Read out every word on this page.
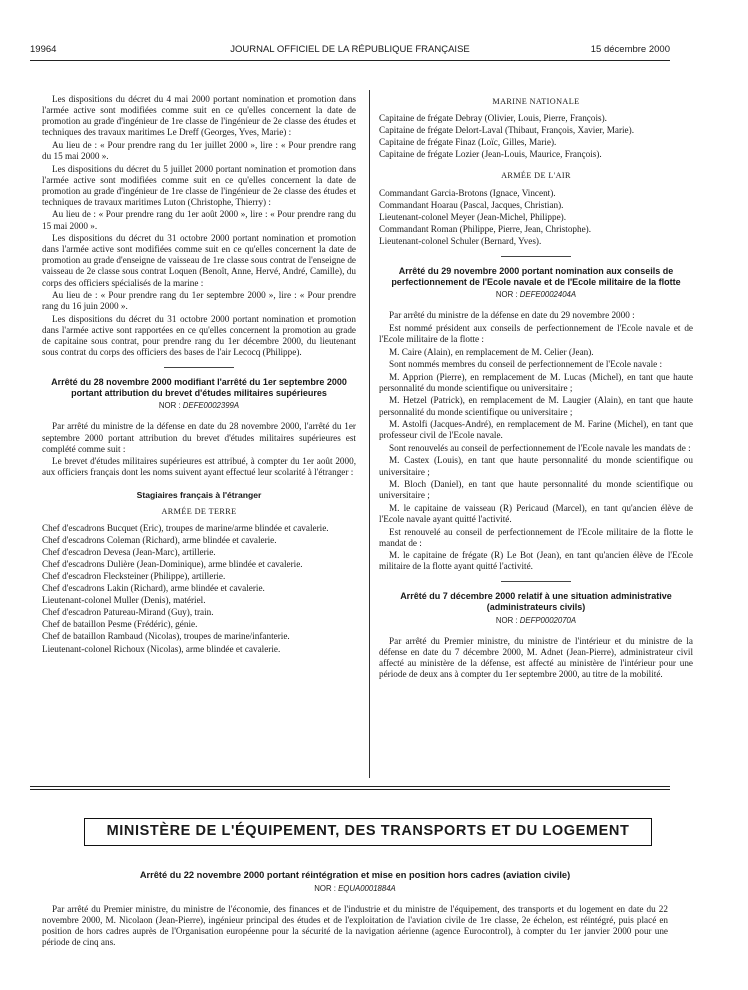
19964	JOURNAL OFFICIEL DE LA RÉPUBLIQUE FRANÇAISE	15 décembre 2000

Les dispositions du décret du 4 mai 2000 portant nomination et promotion dans l'armée active sont modifiées comme suit en ce qu'elles concernent la date de promotion au grade d'ingénieur de 1re classe de l'ingénieur de 2e classe des études et techniques des travaux maritimes Le Dreff (Georges, Yves, Marie) :

Au lieu de : « Pour prendre rang du 1er juillet 2000 », lire : « Pour prendre rang du 15 mai 2000 ».

Les dispositions du décret du 5 juillet 2000 portant nomination et promotion dans l'armée active sont modifiées comme suit en ce qu'elles concernent la date de promotion au grade d'ingénieur de 1re classe de l'ingénieur de 2e classe des études et techniques de travaux maritimes Luton (Christophe, Thierry) :

Au lieu de : « Pour prendre rang du 1er août 2000 », lire : « Pour prendre rang du 15 mai 2000 ».

Les dispositions du décret du 31 octobre 2000 portant nomination et promotion dans l'armée active sont modifiées comme suit en ce qu'elles concernent la date de promotion au grade d'enseigne de vaisseau de 1re classe sous contrat de l'enseigne de vaisseau de 2e classe sous contrat Loquen (Benoît, Anne, Hervé, André, Camille), du corps des officiers spécialisés de la marine :

Au lieu de : « Pour prendre rang du 1er septembre 2000 », lire : « Pour prendre rang du 16 juin 2000 ».

Les dispositions du décret du 31 octobre 2000 portant nomination et promotion dans l'armée active sont rapportées en ce qu'elles concernent la promotion au grade de capitaine sous contrat, pour prendre rang du 1er décembre 2000, du lieutenant sous contrat du corps des officiers des bases de l'air Lecocq (Philippe).

Arrêté du 28 novembre 2000 modifiant l'arrêté du 1er septembre 2000 portant attribution du brevet d'études militaires supérieures

NOR : DEFE0002399A

Par arrêté du ministre de la défense en date du 28 novembre 2000, l'arrêté du 1er septembre 2000 portant attribution du brevet d'études militaires supérieures est complété comme suit :

Le brevet d'études militaires supérieures est attribué, à compter du 1er août 2000, aux officiers français dont les noms suivent ayant effectué leur scolarité à l'étranger :

Stagiaires français à l'étranger

ARMÉE DE TERRE

Chef d'escadrons Bucquet (Eric), troupes de marine/arme blindée et cavalerie.

Chef d'escadrons Coleman (Richard), arme blindée et cavalerie.

Chef d'escadron Devesa (Jean-Marc), artillerie.

Chef d'escadrons Dulière (Jean-Dominique), arme blindée et cavalerie.

Chef d'escadron Flecksteiner (Philippe), artillerie.

Chef d'escadrons Lakin (Richard), arme blindée et cavalerie.

Lieutenant-colonel Muller (Denis), matériel.

Chef d'escadron Patureau-Mirand (Guy), train.

Chef de bataillon Pesme (Frédéric), génie.

Chef de bataillon Rambaud (Nicolas), troupes de marine/infanterie.

Lieutenant-colonel Richoux (Nicolas), arme blindée et cavalerie.

MARINE NATIONALE

Capitaine de frégate Debray (Olivier, Louis, Pierre, François).

Capitaine de frégate Delort-Laval (Thibaut, François, Xavier, Marie).

Capitaine de frégate Finaz (Loïc, Gilles, Marie).

Capitaine de frégate Lozier (Jean-Louis, Maurice, François).

ARMÉE DE L'AIR

Commandant Garcia-Brotons (Ignace, Vincent).

Commandant Hoarau (Pascal, Jacques, Christian).

Lieutenant-colonel Meyer (Jean-Michel, Philippe).

Commandant Roman (Philippe, Pierre, Jean, Christophe).

Lieutenant-colonel Schuler (Bernard, Yves).

Arrêté du 29 novembre 2000 portant nomination aux conseils de perfectionnement de l'Ecole navale et de l'Ecole militaire de la flotte

NOR : DEFE0002404A

Par arrêté du ministre de la défense en date du 29 novembre 2000 :

Est nommé président aux conseils de perfectionnement de l'Ecole navale et de l'Ecole militaire de la flotte :

M. Caire (Alain), en remplacement de M. Celier (Jean).

Sont nommés membres du conseil de perfectionnement de l'Ecole navale :

M. Apprion (Pierre), en remplacement de M. Lucas (Michel), en tant que haute personnalité du monde scientifique ou universitaire ;

M. Hetzel (Patrick), en remplacement de M. Laugier (Alain), en tant que haute personnalité du monde scientifique ou universitaire ;

M. Astolfi (Jacques-André), en remplacement de M. Farine (Michel), en tant que professeur civil de l'Ecole navale.

Sont renouvelés au conseil de perfectionnement de l'Ecole navale les mandats de :

M. Castex (Louis), en tant que haute personnalité du monde scientifique ou universitaire ;

M. Bloch (Daniel), en tant que haute personnalité du monde scientifique ou universitaire ;

M. le capitaine de vaisseau (R) Pericaud (Marcel), en tant qu'ancien élève de l'Ecole navale ayant quitté l'activité.

Est renouvelé au conseil de perfectionnement de l'Ecole militaire de la flotte le mandat de :

M. le capitaine de frégate (R) Le Bot (Jean), en tant qu'ancien élève de l'Ecole militaire de la flotte ayant quitté l'activité.

Arrêté du 7 décembre 2000 relatif à une situation administrative (administrateurs civils)

NOR : DEFP0002070A

Par arrêté du Premier ministre, du ministre de l'intérieur et du ministre de la défense en date du 7 décembre 2000, M. Adnet (Jean-Pierre), administrateur civil affecté au ministère de la défense, est affecté au ministère de l'intérieur pour une période de deux ans à compter du 1er septembre 2000, au titre de la mobilité.

MINISTÈRE DE L'ÉQUIPEMENT, DES TRANSPORTS ET DU LOGEMENT

Arrêté du 22 novembre 2000 portant réintégration et mise en position hors cadres (aviation civile)

NOR : EQUA0001884A

Par arrêté du Premier ministre, du ministre de l'économie, des finances et de l'industrie et du ministre de l'équipement, des transports et du logement en date du 22 novembre 2000, M. Nicolaon (Jean-Pierre), ingénieur principal des études et de l'exploitation de l'aviation civile de 1re classe, 2e échelon, est réintégré, puis placé en position de hors cadres auprès de l'Organisation européenne pour la sécurité de la navigation aérienne (agence Eurocontrol), à compter du 1er janvier 2000 pour une période de cinq ans.
